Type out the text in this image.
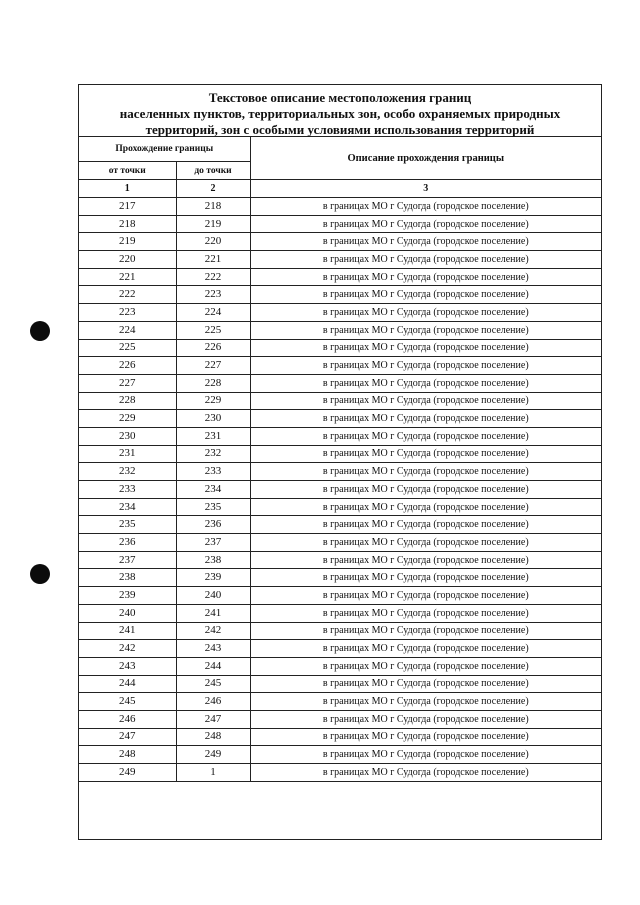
Текстовое описание местоположения границ
населенных пунктов, территориальных зон, особо охраняемых природных
территорий, зон с особыми условиями использования территорий
Прохождение границы		Описание прохождения границы
от точки	до точки	
1	2	3
217	218	в границах МО г Судогда (городское поселение)
218	219	в границах МО г Судогда (городское поселение)
219	220	в границах МО г Судогда (городское поселение)
220	221	в границах МО г Судогда (городское поселение)
221	222	в границах МО г Судогда (городское поселение)
222	223	в границах МО г Судогда (городское поселение)
223	224	в границах МО г Судогда (городское поселение)
224	225	в границах МО г Судогда (городское поселение)
225	226	в границах МО г Судогда (городское поселение)
226	227	в границах МО г Судогда (городское поселение)
227	228	в границах МО г Судогда (городское поселение)
228	229	в границах МО г Судогда (городское поселение)
229	230	в границах МО г Судогда (городское поселение)
230	231	в границах МО г Судогда (городское поселение)
231	232	в границах МО г Судогда (городское поселение)
232	233	в границах МО г Судогда (городское поселение)
233	234	в границах МО г Судогда (городское поселение)
234	235	в границах МО г Судогда (городское поселение)
235	236	в границах МО г Судогда (городское поселение)
236	237	в границах МО г Судогда (городское поселение)
237	238	в границах МО г Судогда (городское поселение)
238	239	в границах МО г Судогда (городское поселение)
239	240	в границах МО г Судогда (городское поселение)
240	241	в границах МО г Судогда (городское поселение)
241	242	в границах МО г Судогда (городское поселение)
242	243	в границах МО г Судогда (городское поселение)
243	244	в границах МО г Судогда (городское поселение)
244	245	в границах МО г Судогда (городское поселение)
245	246	в границах МО г Судогда (городское поселение)
246	247	в границах МО г Судогда (городское поселение)
247	248	в границах МО г Судогда (городское поселение)
248	249	в границах МО г Судогда (городское поселение)
249	1	в границах МО г Судогда (городское поселение)
